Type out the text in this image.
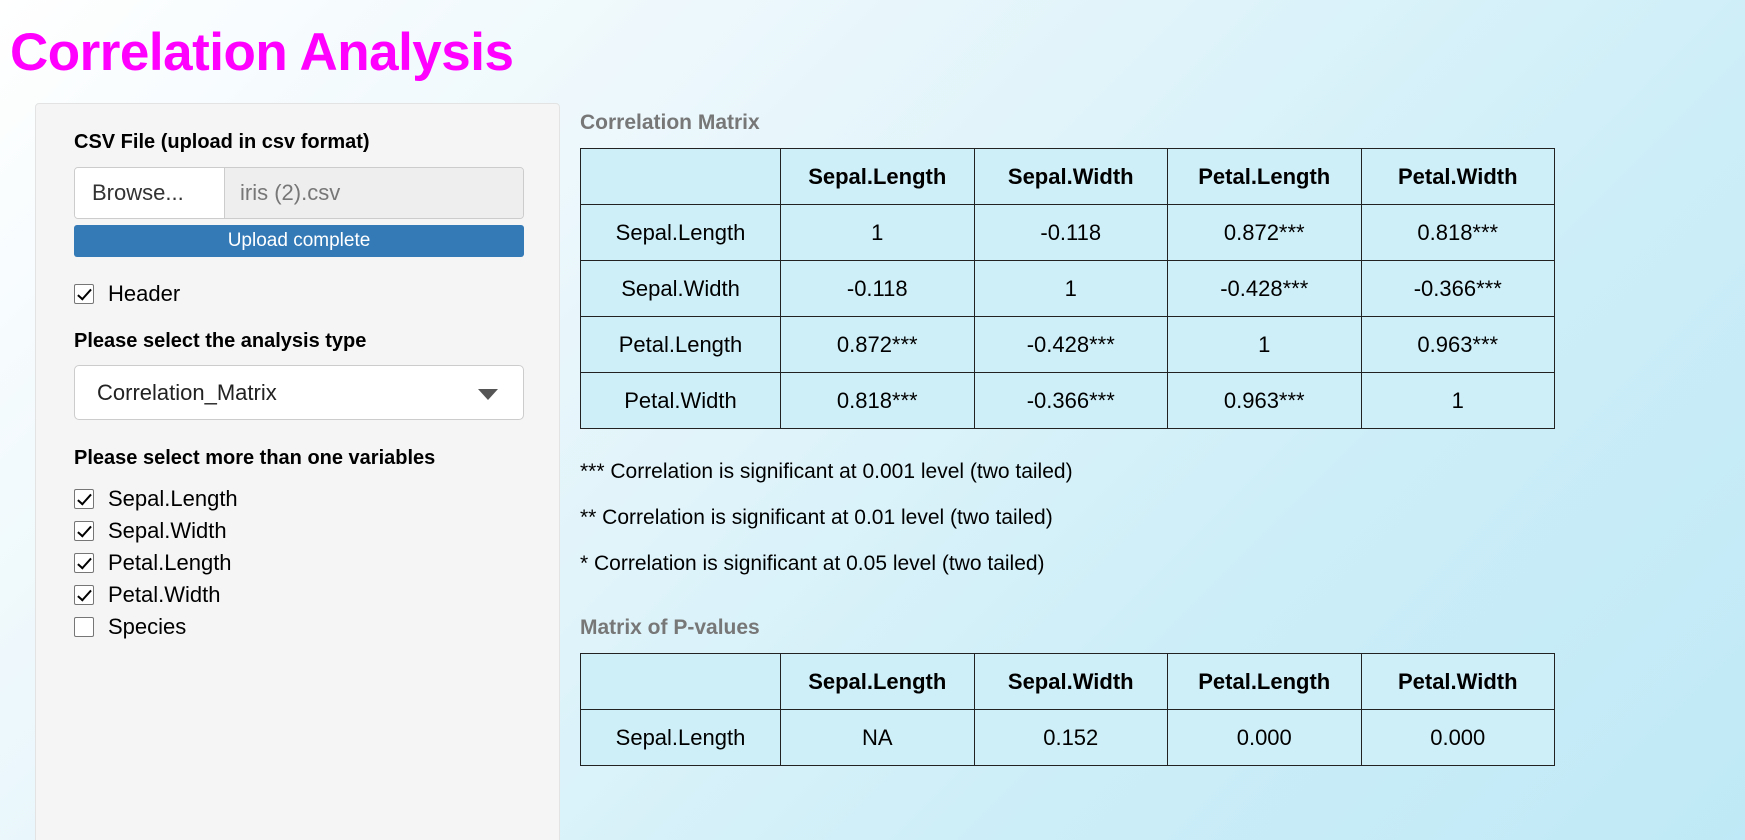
Correlation Analysis
CSV File (upload in csv format)
Browse...	iris (2).csv
Upload complete
Header
Please select the analysis type
Correlation_Matrix
Please select more than one variables
Sepal.Length
Sepal.Width
Petal.Length
Petal.Width
Species
Correlation Matrix
	Sepal.Length	Sepal.Width	Petal.Length	Petal.Width
Sepal.Length	1	-0.118	0.872***	0.818***
Sepal.Width	-0.118	1	-0.428***	-0.366***
Petal.Length	0.872***	-0.428***	1	0.963***
Petal.Width	0.818***	-0.366***	0.963***	1

*** Correlation is significant at 0.001 level (two tailed)

** Correlation is significant at 0.01 level (two tailed)

* Correlation is significant at 0.05 level (two tailed)

Matrix of P-values
	Sepal.Length	Sepal.Width	Petal.Length	Petal.Width
Sepal.Length	NA	0.152	0.000	0.000
